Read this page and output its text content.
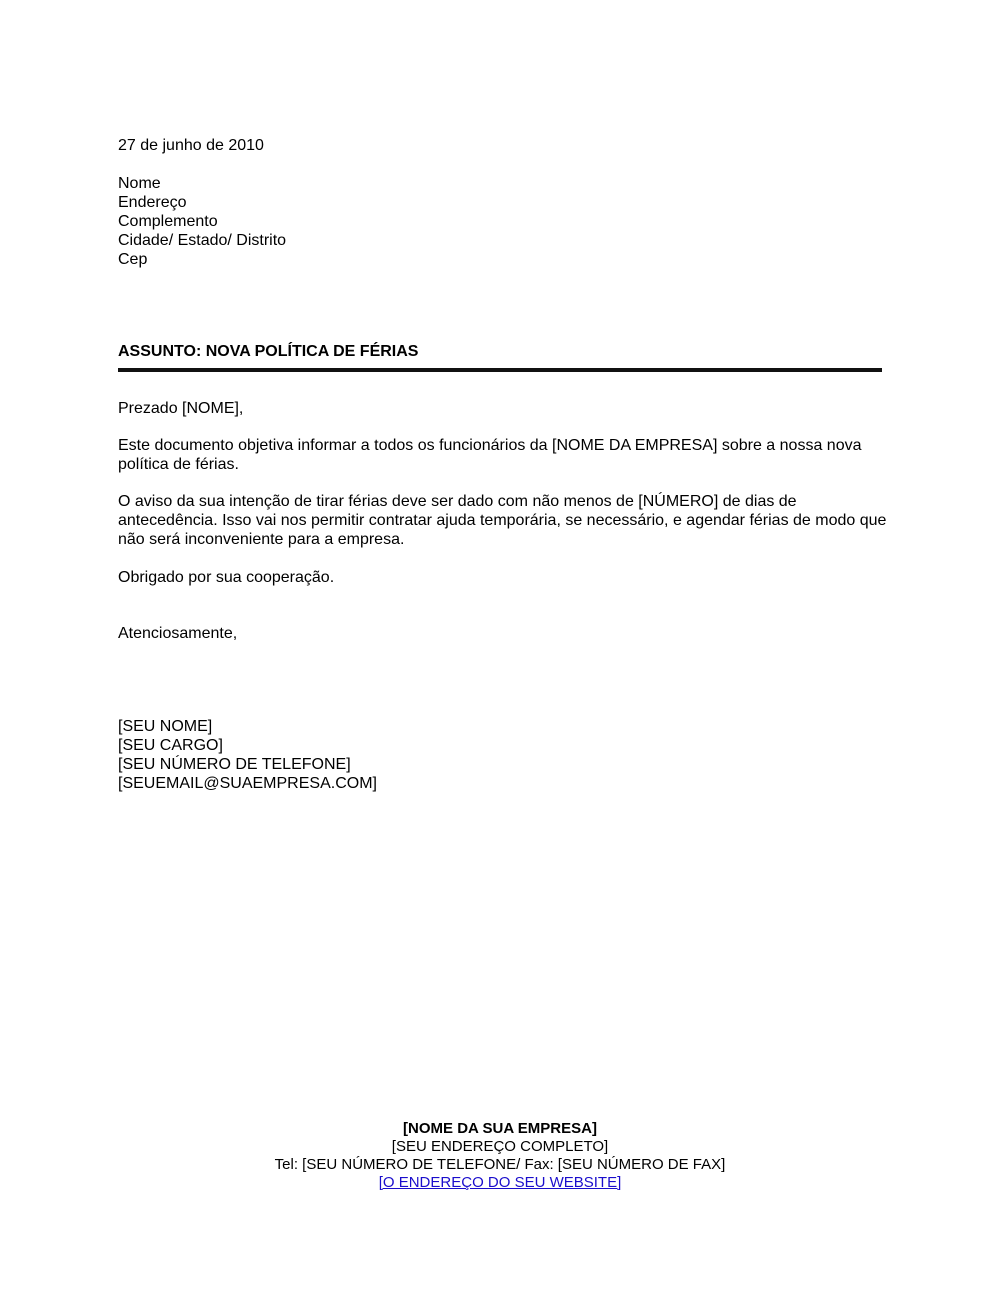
27 de junho de 2010
Nome
Endereço
Complemento
Cidade/ Estado/ Distrito
Cep
ASSUNTO: NOVA POLÍTICA DE FÉRIAS
Prezado [NOME],
Este documento objetiva informar a todos os funcionários da [NOME DA EMPRESA] sobre a nossa nova política de férias.
O aviso da sua intenção de tirar férias deve ser dado com não menos de [NÚMERO] de dias de antecedência. Isso vai nos permitir contratar ajuda temporária, se necessário, e agendar férias de modo que não será inconveniente para a empresa.
Obrigado por sua cooperação.
Atenciosamente,
[SEU NOME]
[SEU CARGO]
[SEU NÚMERO DE TELEFONE]
[SEUEMAIL@SUAEMPRESA.COM]
[NOME DA SUA EMPRESA]
[SEU ENDEREÇO COMPLETO]
Tel: [SEU NÚMERO DE TELEFONE/ Fax: [SEU NÚMERO DE FAX]
[O ENDEREÇO DO SEU WEBSITE]
